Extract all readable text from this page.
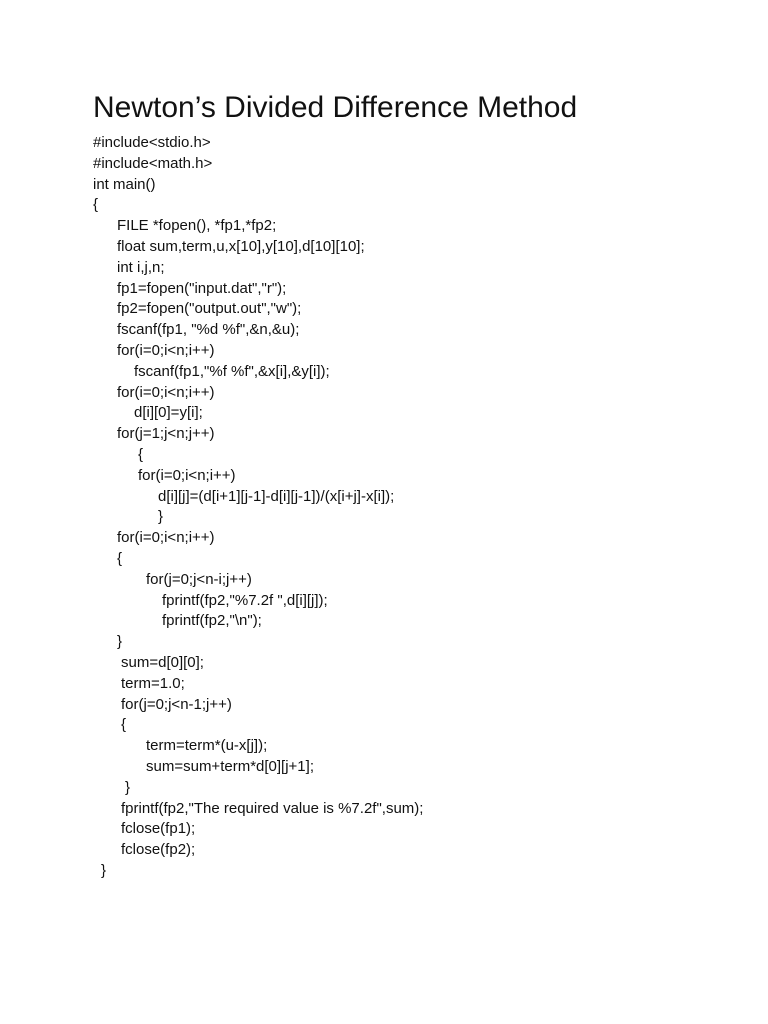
Newton’s Divided Difference Method
#include<stdio.h>
#include<math.h>
int main()
{
FILE *fopen(), *fp1,*fp2;
float sum,term,u,x[10],y[10],d[10][10];
int i,j,n;
fp1=fopen("input.dat","r");
fp2=fopen("output.out","w");
fscanf(fp1, "%d %f",&n,&u);
for(i=0;i<n;i++)
fscanf(fp1,"%f %f",&x[i],&y[i]);
for(i=0;i<n;i++)
d[i][0]=y[i];
for(j=1;j<n;j++)
{
for(i=0;i<n;i++)
d[i][j]=(d[i+1][j-1]-d[i][j-1])/(x[i+j]-x[i]);
}
for(i=0;i<n;i++)
{
for(j=0;j<n-i;j++)
fprintf(fp2,"%7.2f ",d[i][j]);
fprintf(fp2,"\n");
}
sum=d[0][0];
term=1.0;
for(j=0;j<n-1;j++)
{
term=term*(u-x[j]);
sum=sum+term*d[0][j+1];
}
fprintf(fp2,"The required value is %7.2f",sum);
fclose(fp1);
fclose(fp2);
}
